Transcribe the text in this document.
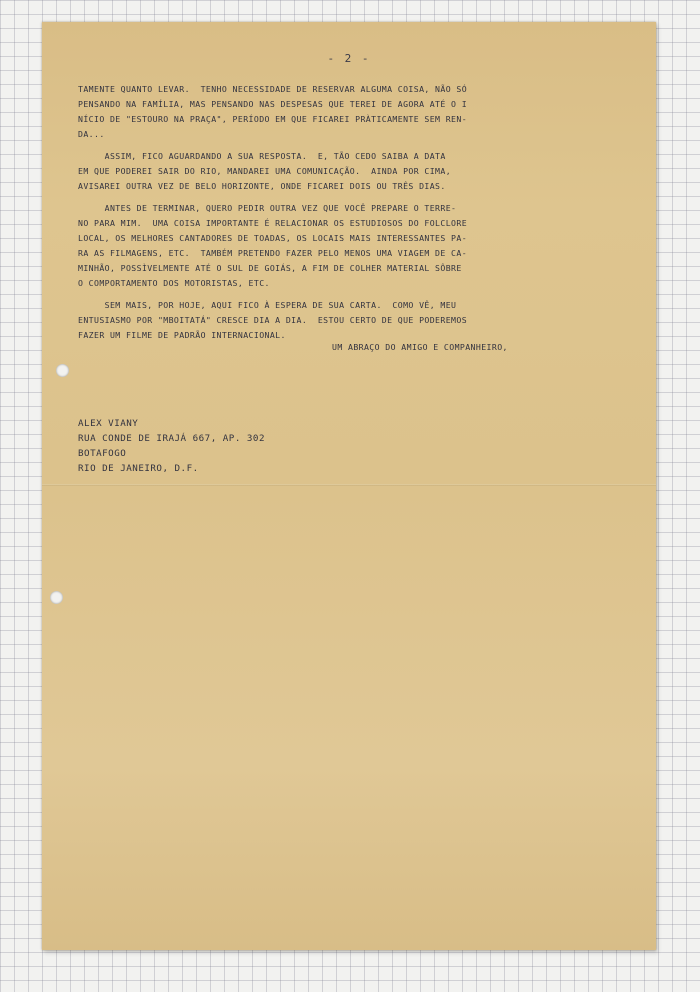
- 2 -
TAMENTE QUANTO LEVAR.  TENHO NECESSIDADE DE RESERVAR ALGUMA COISA, NÃO SÓ
PENSANDO NA FAMÍLIA, MAS PENSANDO NAS DESPESAS QUE TEREI DE AGORA ATÉ O I
NÍCIO DE "ESTOURO NA PRAÇA", PERÍODO EM QUE FICAREI PRÀTICAMENTE SEM REN-
DA...
ASSIM, FICO AGUARDANDO A SUA RESPOSTA.  E, TÃO CEDO SAIBA A DATA
EM QUE PODEREI SAIR DO RIO, MANDAREI UMA COMUNICAÇÃO.  AINDA POR CIMA,
AVISAREI OUTRA VEZ DE BELO HORIZONTE, ONDE FICAREI DOIS OU TRÊS DIAS.
ANTES DE TERMINAR, QUERO PEDIR OUTRA VEZ QUE VOCÊ PREPARE O TERRE-
NO PARA MIM.  UMA COISA IMPORTANTE É RELACIONAR OS ESTUDIOSOS DO FOLCLORE
LOCAL, OS MELHORES CANTADORES DE TOADAS, OS LOCAIS MAIS INTERESSANTES PA-
RA AS FILMAGENS, ETC.  TAMBÉM PRETENDO FAZER PELO MENOS UMA VIAGEM DE CA-
MINHÃO, POSSÌVELMENTE ATÉ O SUL DE GOIÁS, A FIM DE COLHER MATERIAL SÔBRE
O COMPORTAMENTO DOS MOTORISTAS, ETC.
SEM MAIS, POR HOJE, AQUI FICO À ESPERA DE SUA CARTA.  COMO VÊ, MEU
ENTUSIASMO POR "MBOITATÁ" CRESCE DIA A DIA.  ESTOU CERTO DE QUE PODEREMOS
FAZER UM FILME DE PADRÃO INTERNACIONAL.
UM ABRAÇO DO AMIGO E COMPANHEIRO,
ALEX VIANY
RUA CONDE DE IRAJÁ 667, AP. 302
BOTAFOGO
RIO DE JANEIRO, D.F.
